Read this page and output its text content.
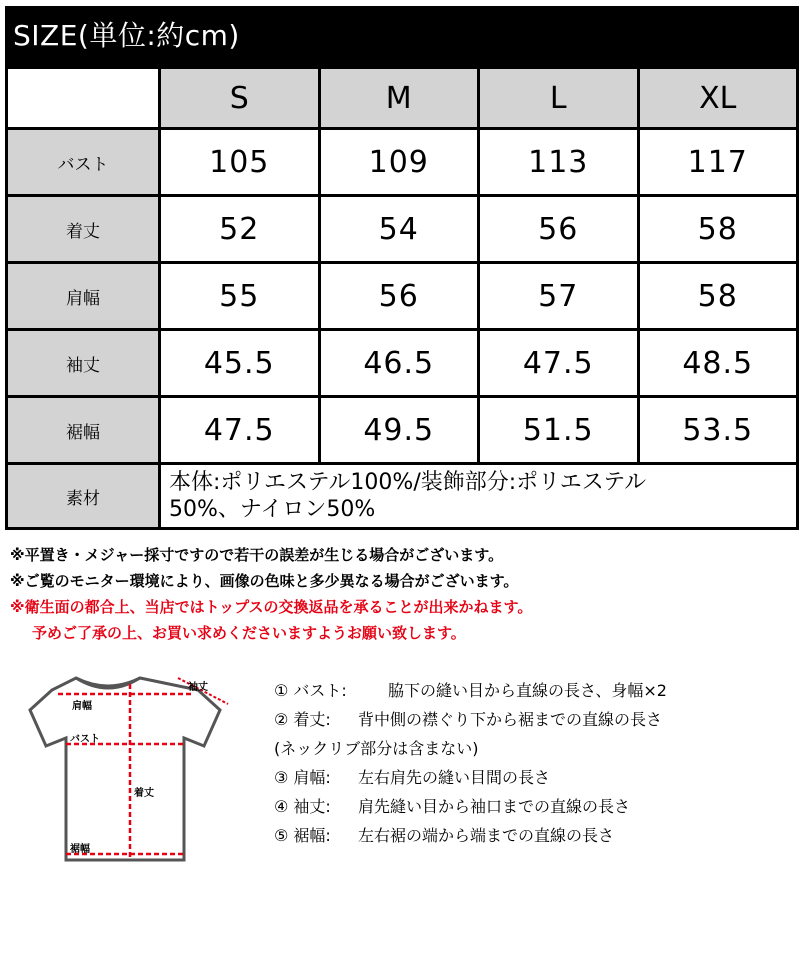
SIZE(単位:約cm)
	S	M	L	XL
バスト	105	109	113	117
着丈	52	54	56	58
肩幅	55	56	57	58
袖丈	45.5	46.5	47.5	48.5
裾幅	47.5	49.5	51.5	53.5
素材	本体:ポリエステル100%/装飾部分:ポリエステル
50%、ナイロン50%			
※平置き・メジャー採寸ですので若干の誤差が生じる場合がございます。
※ご覧のモニター環境により、画像の色味と多少異なる場合がございます。
※衛生面の都合上、当店ではトップスの交換返品を承ることが出来かねます。
予めご了承の上、お買い求めくださいますようお願い致します。
袖丈
肩幅
バスト
着丈
裾幅
① バスト:	脇下の縫い目から直線の長さ、身幅×2
② 着丈:	背中側の襟ぐり下から裾までの直線の長さ
(ネックリブ部分は含まない)
③ 肩幅:	左右肩先の縫い目間の長さ
④ 袖丈:	肩先縫い目から袖口までの直線の長さ
⑤ 裾幅:	左右裾の端から端までの直線の長さ
